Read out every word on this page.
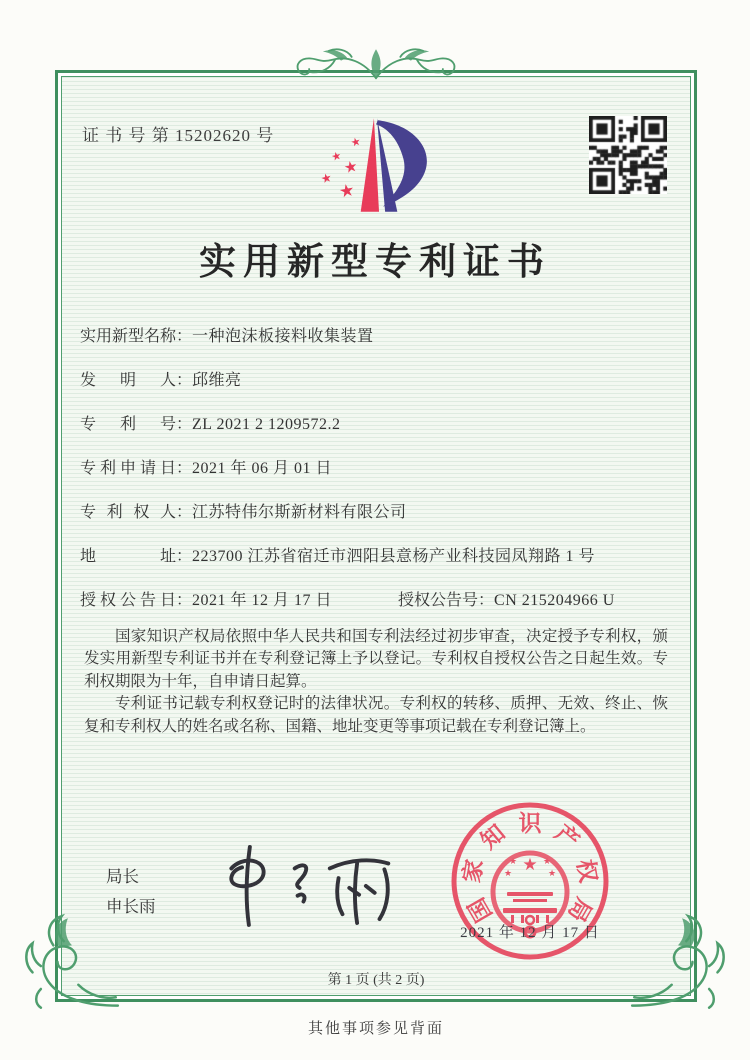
证 书 号 第 15202620 号	★
★
★
★
★
实用新型专利证书
实用新型名称：一种泡沫板接料收集装置
发明人：邱维亮
专利号：ZL 2021 2 1209572.2
专利申请日：2021 年 06 月 01 日
专利权人：江苏特伟尔斯新材料有限公司
地址：223700 江苏省宿迁市泗阳县意杨产业科技园凤翔路 1 号
授权公告日：2021 年 12 月 17 日	授权公告号：CN 215204966 U

国家知识产权局依照中华人民共和国专利法经过初步审查，决定授予专利权，颁发实用新型专利证书并在专利登记簿上予以登记。专利权自授权公告之日起生效。专利权期限为十年，自申请日起算。

专利证书记载专利权登记时的法律状况。专利权的转移、质押、无效、终止、恢复和专利权人的姓名或名称、国籍、地址变更等事项记载在专利登记簿上。

局长
申长雨	国
家
知 识 产
权
局
★
★	★
★	★
2021 年 12 月 17 日
第 1 页 (共 2 页)
其他事项参见背面
